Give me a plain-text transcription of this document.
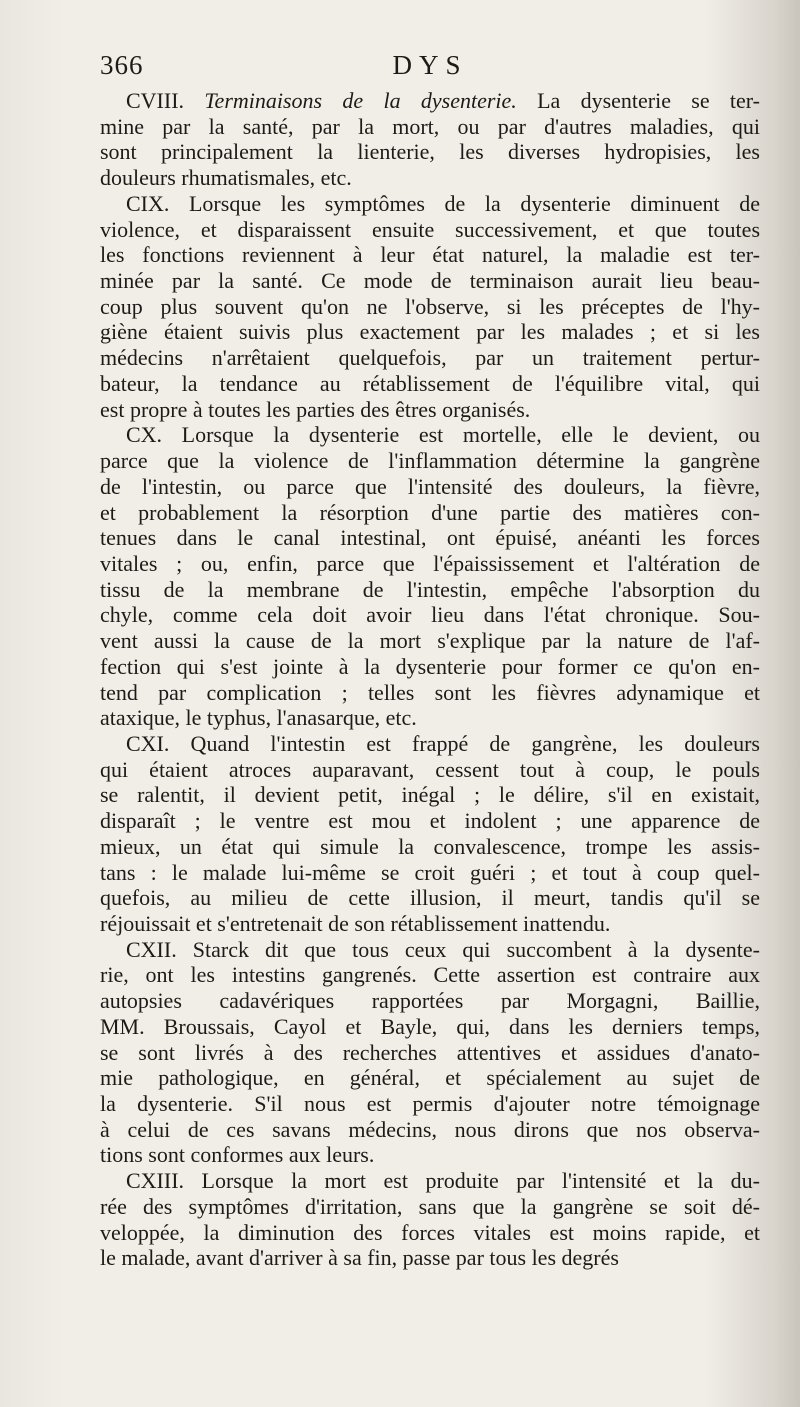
366	DYS
CVIII. Terminaisons de la dysenterie. La dysenterie se ter-
mine par la santé, par la mort, ou par d'autres maladies, qui
sont principalement la lienterie, les diverses hydropisies, les
douleurs rhumatismales, etc.
CIX. Lorsque les symptômes de la dysenterie diminuent de
violence, et disparaissent ensuite successivement, et que toutes
les fonctions reviennent à leur état naturel, la maladie est ter-
minée par la santé. Ce mode de terminaison aurait lieu beau-
coup plus souvent qu'on ne l'observe, si les préceptes de l'hy-
giène étaient suivis plus exactement par les malades ; et si les
médecins n'arrêtaient quelquefois, par un traitement pertur-
bateur, la tendance au rétablissement de l'équilibre vital, qui
est propre à toutes les parties des êtres organisés.
CX. Lorsque la dysenterie est mortelle, elle le devient, ou
parce que la violence de l'inflammation détermine la gangrène
de l'intestin, ou parce que l'intensité des douleurs, la fièvre,
et probablement la résorption d'une partie des matières con-
tenues dans le canal intestinal, ont épuisé, anéanti les forces
vitales ; ou, enfin, parce que l'épaississement et l'altération de
tissu de la membrane de l'intestin, empêche l'absorption du
chyle, comme cela doit avoir lieu dans l'état chronique. Sou-
vent aussi la cause de la mort s'explique par la nature de l'af-
fection qui s'est jointe à la dysenterie pour former ce qu'on en-
tend par complication ; telles sont les fièvres adynamique et
ataxique, le typhus, l'anasarque, etc.
CXI. Quand l'intestin est frappé de gangrène, les douleurs
qui étaient atroces auparavant, cessent tout à coup, le pouls
se ralentit, il devient petit, inégal ; le délire, s'il en existait,
disparaît ; le ventre est mou et indolent ; une apparence de
mieux, un état qui simule la convalescence, trompe les assis-
tans : le malade lui-même se croit guéri ; et tout à coup quel-
quefois, au milieu de cette illusion, il meurt, tandis qu'il se
réjouissait et s'entretenait de son rétablissement inattendu.
CXII. Starck dit que tous ceux qui succombent à la dysente-
rie, ont les intestins gangrenés. Cette assertion est contraire aux
autopsies cadavériques rapportées par Morgagni, Baillie,
MM. Broussais, Cayol et Bayle, qui, dans les derniers temps,
se sont livrés à des recherches attentives et assidues d'anato-
mie pathologique, en général, et spécialement au sujet de
la dysenterie. S'il nous est permis d'ajouter notre témoignage
à celui de ces savans médecins, nous dirons que nos observa-
tions sont conformes aux leurs.
CXIII. Lorsque la mort est produite par l'intensité et la du-
rée des symptômes d'irritation, sans que la gangrène se soit dé-
veloppée, la diminution des forces vitales est moins rapide, et
le malade, avant d'arriver à sa fin, passe par tous les degrés
